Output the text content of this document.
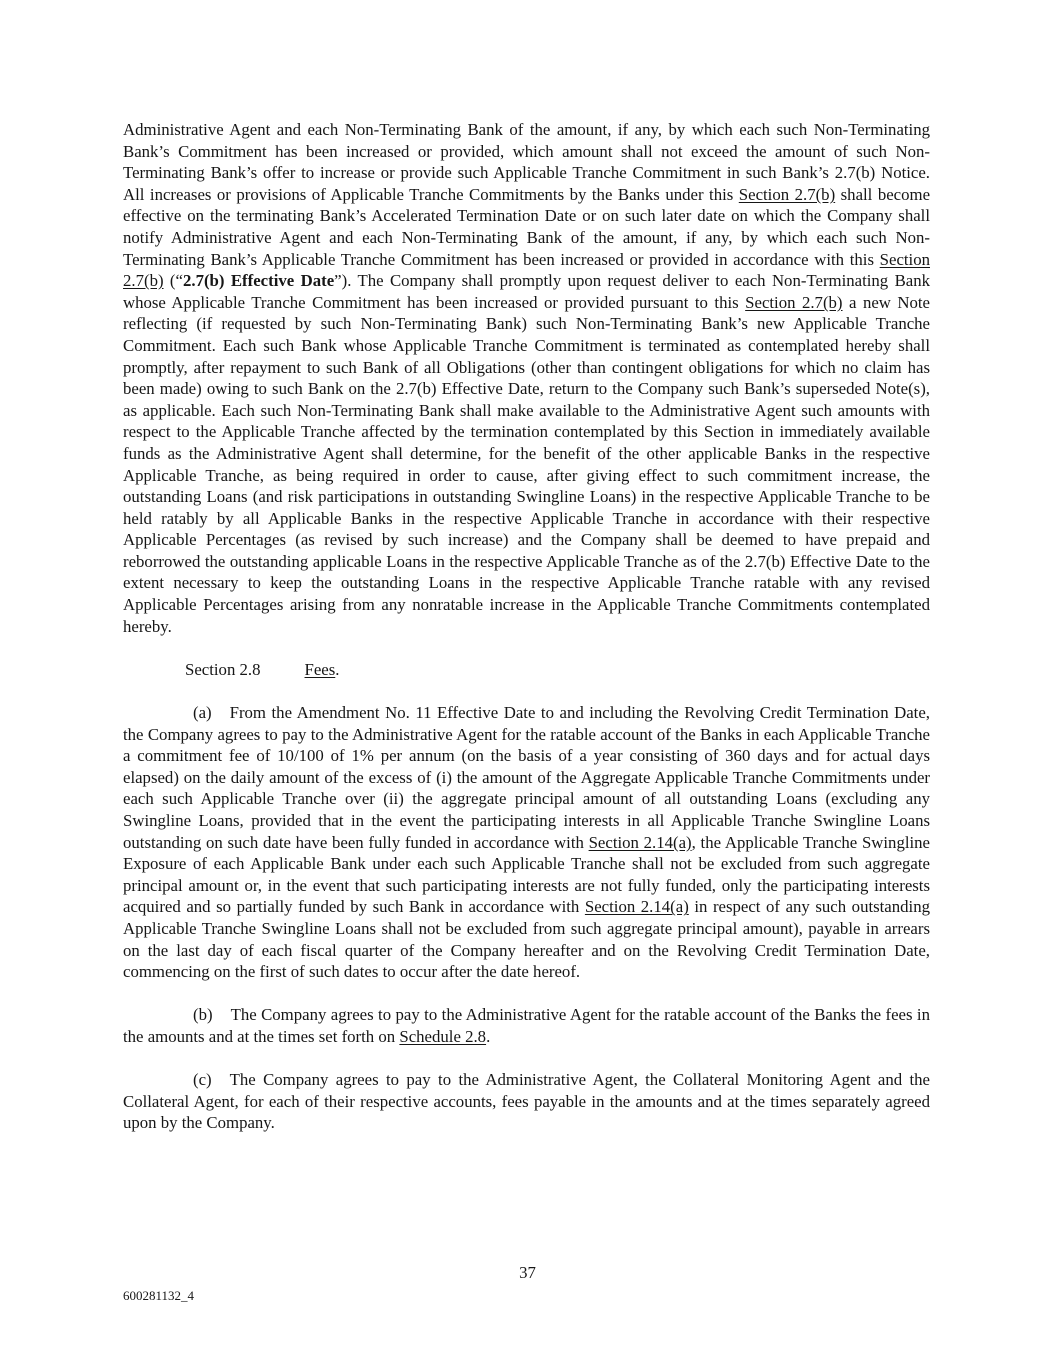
Administrative Agent and each Non-Terminating Bank of the amount, if any, by which each such Non-Terminating Bank’s Commitment has been increased or provided, which amount shall not exceed the amount of such Non-Terminating Bank’s offer to increase or provide such Applicable Tranche Commitment in such Bank’s 2.7(b) Notice. All increases or provisions of Applicable Tranche Commitments by the Banks under this Section 2.7(b) shall become effective on the terminating Bank’s Accelerated Termination Date or on such later date on which the Company shall notify Administrative Agent and each Non-Terminating Bank of the amount, if any, by which each such Non-Terminating Bank’s Applicable Tranche Commitment has been increased or provided in accordance with this Section 2.7(b) (“2.7(b) Effective Date”). The Company shall promptly upon request deliver to each Non-Terminating Bank whose Applicable Tranche Commitment has been increased or provided pursuant to this Section 2.7(b) a new Note reflecting (if requested by such Non-Terminating Bank) such Non-Terminating Bank’s new Applicable Tranche Commitment. Each such Bank whose Applicable Tranche Commitment is terminated as contemplated hereby shall promptly, after repayment to such Bank of all Obligations (other than contingent obligations for which no claim has been made) owing to such Bank on the 2.7(b) Effective Date, return to the Company such Bank’s superseded Note(s), as applicable. Each such Non-Terminating Bank shall make available to the Administrative Agent such amounts with respect to the Applicable Tranche affected by the termination contemplated by this Section in immediately available funds as the Administrative Agent shall determine, for the benefit of the other applicable Banks in the respective Applicable Tranche, as being required in order to cause, after giving effect to such commitment increase, the outstanding Loans (and risk participations in outstanding Swingline Loans) in the respective Applicable Tranche to be held ratably by all Applicable Banks in the respective Applicable Tranche in accordance with their respective Applicable Percentages (as revised by such increase) and the Company shall be deemed to have prepaid and reborrowed the outstanding applicable Loans in the respective Applicable Tranche as of the 2.7(b) Effective Date to the extent necessary to keep the outstanding Loans in the respective Applicable Tranche ratable with any revised Applicable Percentages arising from any nonratable increase in the Applicable Tranche Commitments contemplated hereby.

Section 2.8	Fees.

(a) From the Amendment No. 11 Effective Date to and including the Revolving Credit Termination Date, the Company agrees to pay to the Administrative Agent for the ratable account of the Banks in each Applicable Tranche a commitment fee of 10/100 of 1% per annum (on the basis of a year consisting of 360 days and for actual days elapsed) on the daily amount of the excess of (i) the amount of the Aggregate Applicable Tranche Commitments under each such Applicable Tranche over (ii) the aggregate principal amount of all outstanding Loans (excluding any Swingline Loans, provided that in the event the participating interests in all Applicable Tranche Swingline Loans outstanding on such date have been fully funded in accordance with Section 2.14(a), the Applicable Tranche Swingline Exposure of each Applicable Bank under each such Applicable Tranche shall not be excluded from such aggregate principal amount or, in the event that such participating interests are not fully funded, only the participating interests acquired and so partially funded by such Bank in accordance with Section 2.14(a) in respect of any such outstanding Applicable Tranche Swingline Loans shall not be excluded from such aggregate principal amount), payable in arrears on the last day of each fiscal quarter of the Company hereafter and on the Revolving Credit Termination Date, commencing on the first of such dates to occur after the date hereof.

(b) The Company agrees to pay to the Administrative Agent for the ratable account of the Banks the fees in the amounts and at the times set forth on Schedule 2.8.

(c) The Company agrees to pay to the Administrative Agent, the Collateral Monitoring Agent and the Collateral Agent, for each of their respective accounts, fees payable in the amounts and at the times separately agreed upon by the Company.

37
600281132_4
